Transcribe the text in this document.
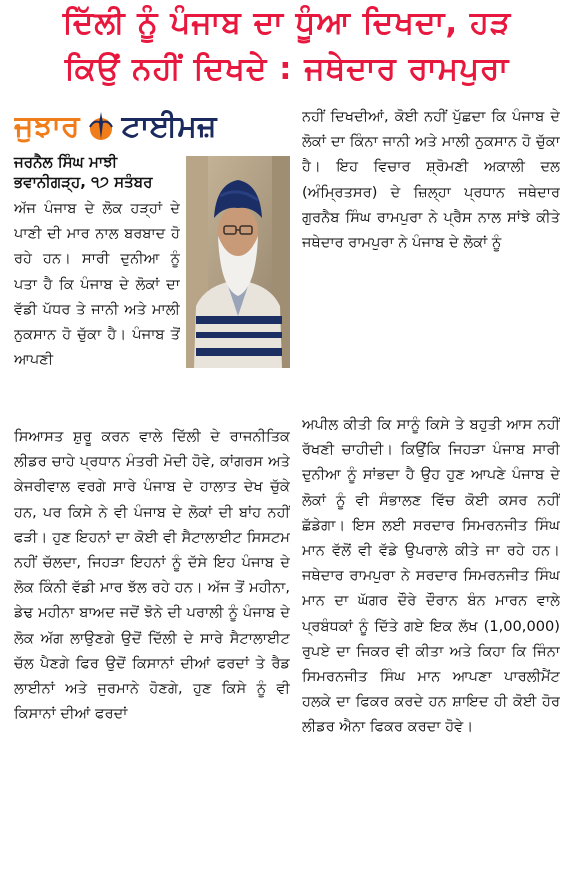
ਦਿੱਲੀ ਨੂੰ ਪੰਜਾਬ ਦਾ ਧੂੰਆ ਦਿਖਦਾ, ਹੜ
ਕਿਉਂ ਨਹੀਂ ਦਿਖਦੇ : ਜਥੇਦਾਰ ਰਾਮਪੁਰਾ
ਜੁਝਾਰ ਟਾਈਮਜ਼
ਜਰਨੈਲ ਸਿੰਘ ਮਾਝੀ
ਭਵਾਨੀਗੜ੍ਹ, ੧੭ ਸਤੰਬਰ

ਅੱਜ ਪੰਜਾਬ ਦੇ ਲੋਕ ਹੜ੍ਹਾਂ ਦੇ ਪਾਣੀ ਦੀ ਮਾਰ ਨਾਲ ਬਰਬਾਦ ਹੋ ਰਹੇ ਹਨ। ਸਾਰੀ ਦੁਨੀਆ ਨੂੰ ਪਤਾ ਹੈ ਕਿ ਪੰਜਾਬ ਦੇ ਲੋਕਾਂ ਦਾ ਵੱਡੀ ਪੱਧਰ ਤੇ ਜਾਨੀ ਅਤੇ ਮਾਲੀ ਨੁਕਸਾਨ ਹੋ ਚੁੱਕਾ ਹੈ। ਪੰਜਾਬ ਤੋਂ ਆਪਣੀ

ਸਿਆਸਤ ਸ਼ੁਰੂ ਕਰਨ ਵਾਲੇ ਦਿੱਲੀ ਦੇ ਰਾਜਨੀਤਿਕ ਲੀਡਰ ਚਾਹੇ ਪ੍ਰਧਾਨ ਮੰਤਰੀ ਮੋਦੀ ਹੋਵੇ, ਕਾਂਗਰਸ ਅਤੇ ਕੇਜਰੀਵਾਲ ਵਰਗੇ ਸਾਰੇ ਪੰਜਾਬ ਦੇ ਹਾਲਾਤ ਦੇਖ ਚੁੱਕੇ ਹਨ, ਪਰ ਕਿਸੇ ਨੇ ਵੀ ਪੰਜਾਬ ਦੇ ਲੋਕਾਂ ਦੀ ਬਾਂਹ ਨਹੀਂ ਫੜੀ। ਹੁਣ ਇਹਨਾਂ ਦਾ ਕੋਈ ਵੀ ਸੈਟਾਲਾਈਟ ਸਿਸਟਮ ਨਹੀਂ ਚੱਲਦਾ, ਜਿਹੜਾ ਇਹਨਾਂ ਨੂੰ ਦੱਸੇ ਇਹ ਪੰਜਾਬ ਦੇ ਲੋਕ ਕਿੰਨੀ ਵੱਡੀ ਮਾਰ ਝੱਲ ਰਹੇ ਹਨ। ਅੱਜ ਤੋਂ ਮਹੀਨਾ, ਡੇਢ ਮਹੀਨਾ ਬਾਅਦ ਜਦੋਂ ਝੋਨੇ ਦੀ ਪਰਾਲੀ ਨੂੰ ਪੰਜਾਬ ਦੇ ਲੋਕ ਅੱਗ ਲਾਉਣਗੇ ਉਦੋਂ ਦਿੱਲੀ ਦੇ ਸਾਰੇ ਸੈਟਾਲਾਈਟ ਚੱਲ ਪੈਣਗੇ ਫਿਰ ਉਦੋਂ ਕਿਸਾਨਾਂ ਦੀਆਂ ਫਰਦਾਂ ਤੇ ਰੈਡ ਲਾਈਨਾਂ ਅਤੇ ਜੁਰਮਾਨੇ ਹੋਣਗੇ, ਹੁਣ ਕਿਸੇ ਨੂੰ ਵੀ ਕਿਸਾਨਾਂ ਦੀਆਂ ਫਰਦਾਂ

ਨਹੀਂ ਦਿਖਦੀਆਂ, ਕੋਈ ਨਹੀਂ ਪੁੱਛਦਾ ਕਿ ਪੰਜਾਬ ਦੇ ਲੋਕਾਂ ਦਾ ਕਿੰਨਾ ਜਾਨੀ ਅਤੇ ਮਾਲੀ ਨੁਕਸਾਨ ਹੋ ਚੁੱਕਾ ਹੈ। ਇਹ ਵਿਚਾਰ ਸ਼੍ਰੋਮਣੀ ਅਕਾਲੀ ਦਲ (ਅੰਮ੍ਰਿਤਸਰ) ਦੇ ਜ਼ਿਲ੍ਹਾ ਪ੍ਰਧਾਨ ਜਥੇਦਾਰ ਗੁਰਨੈਬ ਸਿੰਘ ਰਾਮਪੁਰਾ ਨੇ ਪ੍ਰੈਸ ਨਾਲ ਸਾਂਝੇ ਕੀਤੇ ਜਥੇਦਾਰ ਰਾਮਪੁਰਾ ਨੇ ਪੰਜਾਬ ਦੇ ਲੋਕਾਂ ਨੂੰ

ਅਪੀਲ ਕੀਤੀ ਕਿ ਸਾਨੂੰ ਕਿਸੇ ਤੇ ਬਹੁਤੀ ਆਸ ਨਹੀਂ ਰੱਖਣੀ ਚਾਹੀਦੀ। ਕਿਉਂਕਿ ਜਿਹੜਾ ਪੰਜਾਬ ਸਾਰੀ ਦੁਨੀਆ ਨੂੰ ਸਾਂਭਦਾ ਹੈ ਉਹ ਹੁਣ ਆਪਣੇ ਪੰਜਾਬ ਦੇ ਲੋਕਾਂ ਨੂੰ ਵੀ ਸੰਭਾਲਣ ਵਿੱਚ ਕੋਈ ਕਸਰ ਨਹੀਂ ਛੱਡੇਗਾ। ਇਸ ਲਈ ਸਰਦਾਰ ਸਿਮਰਨਜੀਤ ਸਿੰਘ ਮਾਨ ਵੱਲੋਂ ਵੀ ਵੱਡੇ ਉਪਰਾਲੇ ਕੀਤੇ ਜਾ ਰਹੇ ਹਨ। ਜਥੇਦਾਰ ਰਾਮਪੁਰਾ ਨੇ ਸਰਦਾਰ ਸਿਮਰਨਜੀਤ ਸਿੰਘ ਮਾਨ ਦਾ ਘੱਗਰ ਦੌਰੇ ਦੌਰਾਨ ਬੰਨ ਮਾਰਨ ਵਾਲੇ ਪ੍ਰਬੰਧਕਾਂ ਨੂੰ ਦਿੱਤੇ ਗਏ ਇਕ ਲੱਖ (1,00,000) ਰੁਪਏ ਦਾ ਜਿਕਰ ਵੀ ਕੀਤਾ ਅਤੇ ਕਿਹਾ ਕਿ ਜਿੰਨਾ ਸਿਮਰਨਜੀਤ ਸਿੰਘ ਮਾਨ ਆਪਣਾ ਪਾਰਲੀਮੈਂਟ ਹਲਕੇ ਦਾ ਫਿਕਰ ਕਰਦੇ ਹਨ ਸ਼ਾਇਦ ਹੀ ਕੋਈ ਹੋਰ ਲੀਡਰ ਐਨਾ ਫਿਕਰ ਕਰਦਾ ਹੋਵੇ।
